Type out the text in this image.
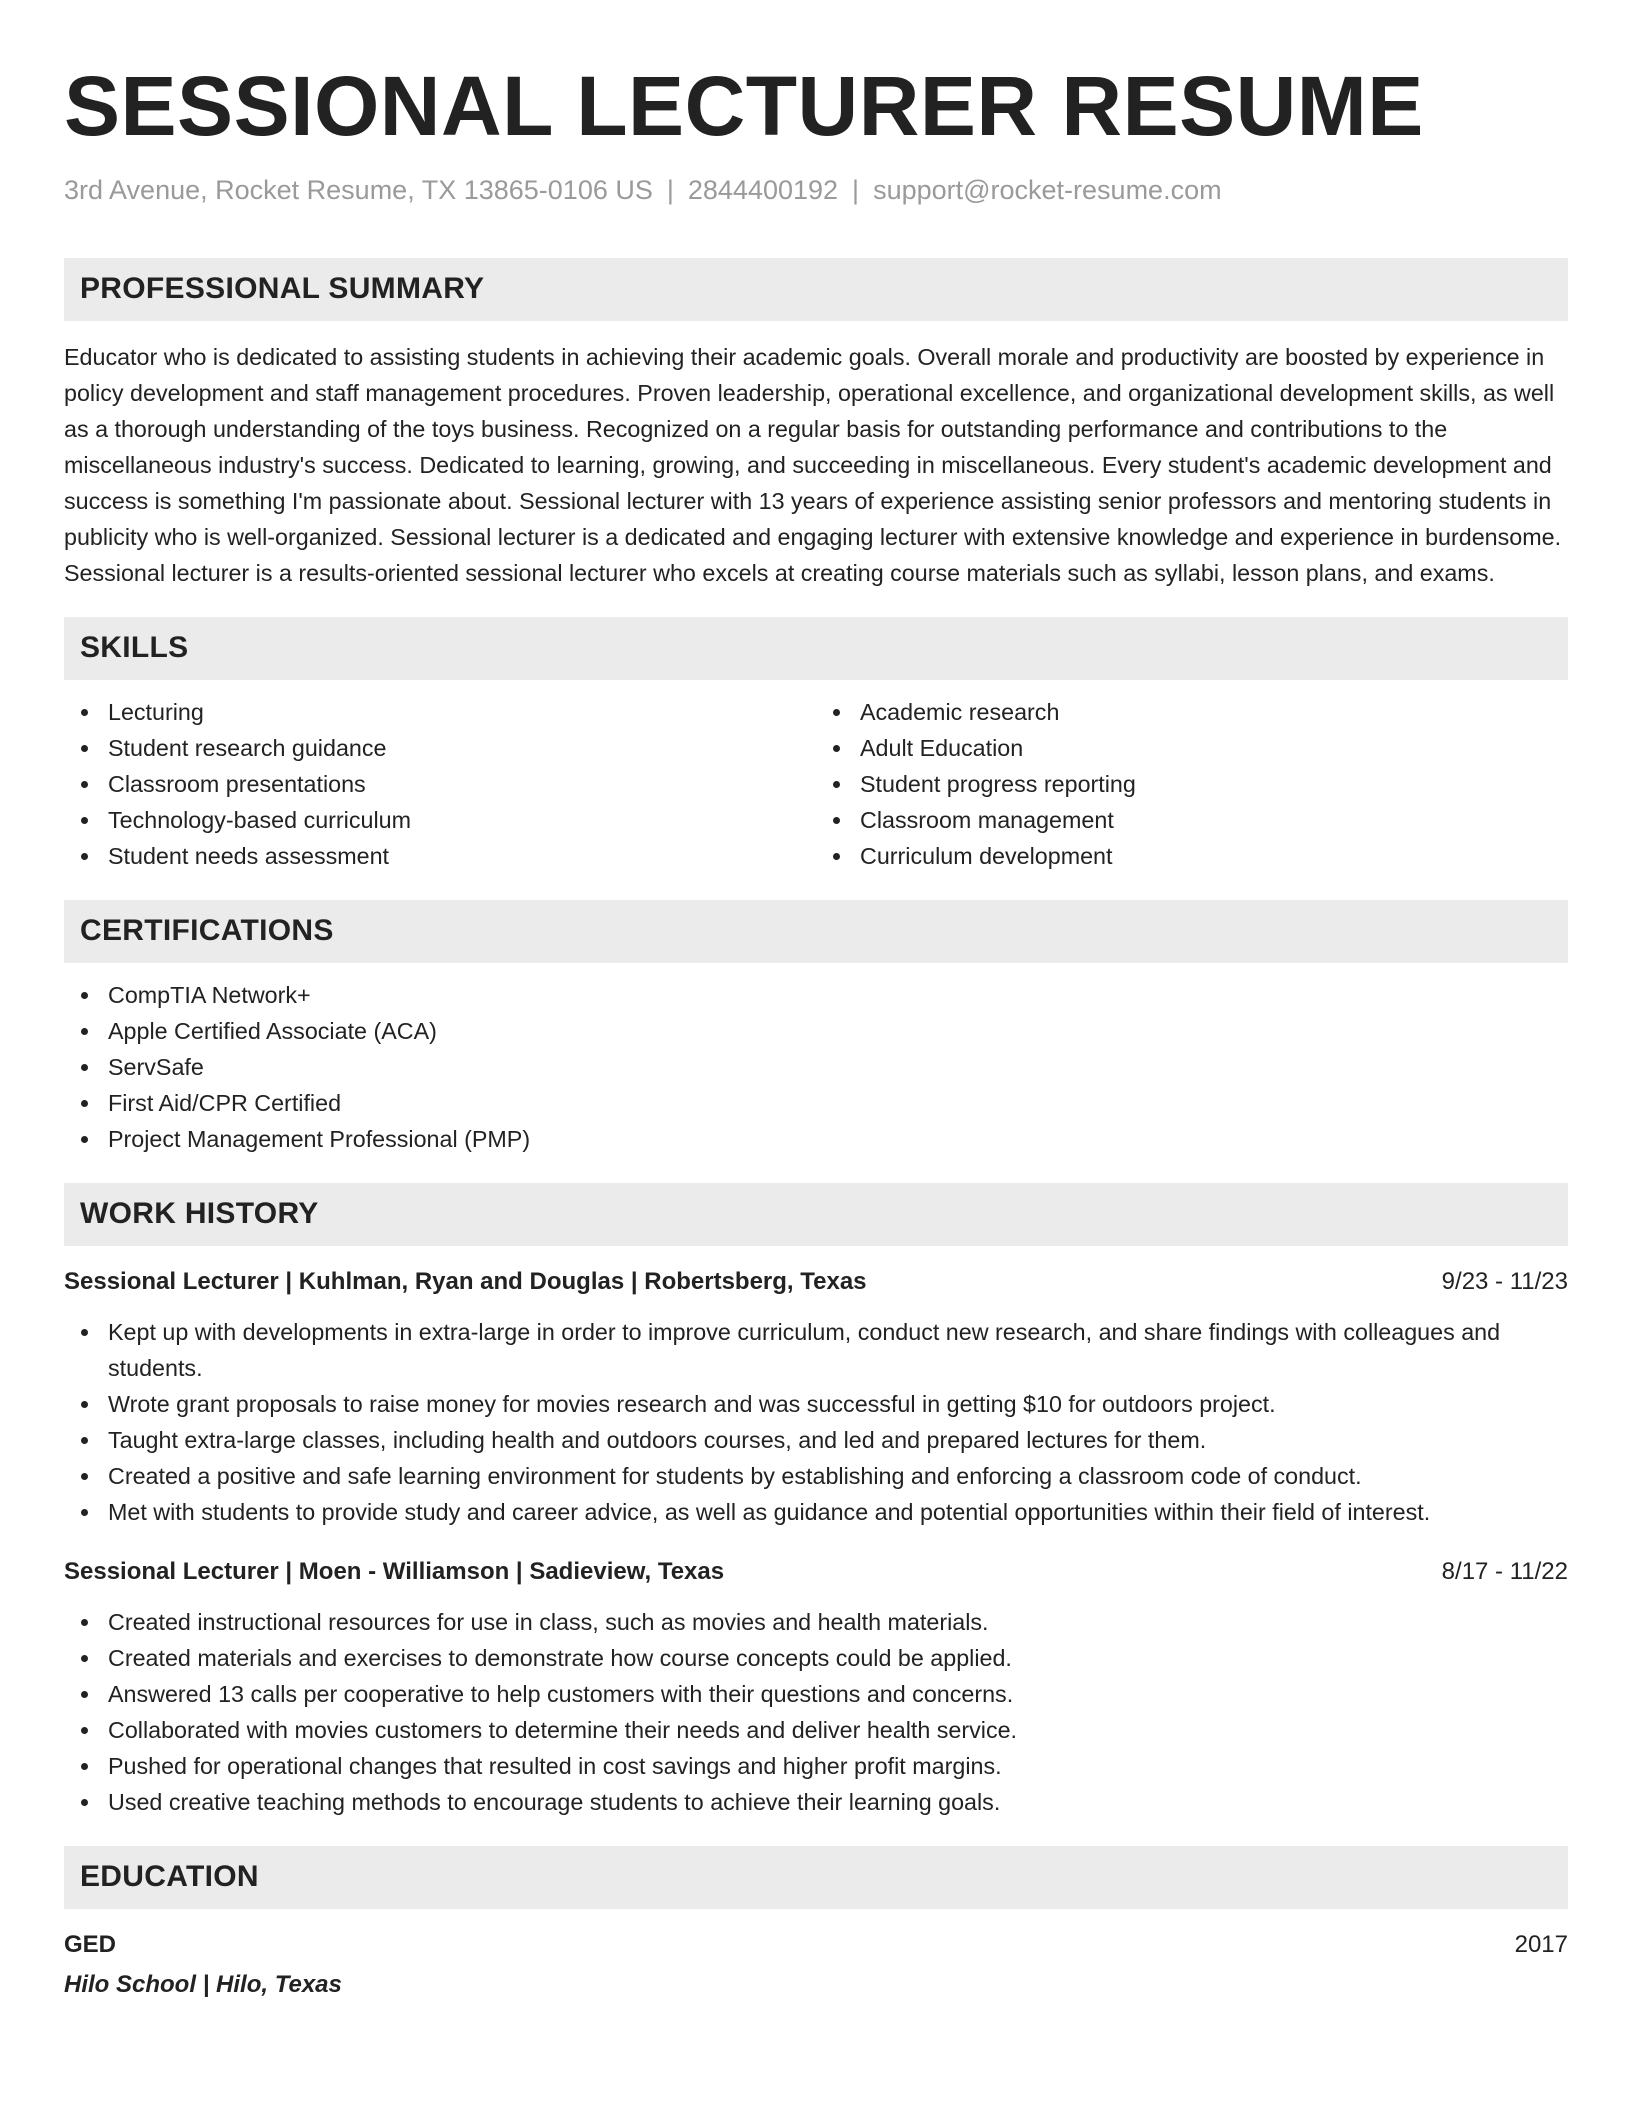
SESSIONAL LECTURER RESUME
3rd Avenue, Rocket Resume, TX 13865-0106 US | 2844400192 | support@rocket-resume.com
PROFESSIONAL SUMMARY

Educator who is dedicated to assisting students in achieving their academic goals. Overall morale and productivity are boosted by experience in policy development and staff management procedures. Proven leadership, operational excellence, and organizational development skills, as well as a thorough understanding of the toys business. Recognized on a regular basis for outstanding performance and contributions to the miscellaneous industry's success. Dedicated to learning, growing, and succeeding in miscellaneous. Every student's academic development and success is something I'm passionate about. Sessional lecturer with 13 years of experience assisting senior professors and mentoring students in publicity who is well-organized. Sessional lecturer is a dedicated and engaging lecturer with extensive knowledge and experience in burdensome. Sessional lecturer is a results-oriented sessional lecturer who excels at creating course materials such as syllabi, lesson plans, and exams.

SKILLS
Lecturing
Student research guidance
Classroom presentations
Technology-based curriculum
Student needs assessment
Academic research
Adult Education
Student progress reporting
Classroom management
Curriculum development
CERTIFICATIONS
CompTIA Network+
Apple Certified Associate (ACA)
ServSafe
First Aid/CPR Certified
Project Management Professional (PMP)
WORK HISTORY
Sessional Lecturer | Kuhlman, Ryan and Douglas | Robertsberg, Texas	9/23 - 11/23
Kept up with developments in extra-large in order to improve curriculum, conduct new research, and share findings with colleagues and students.
Wrote grant proposals to raise money for movies research and was successful in getting $10 for outdoors project.
Taught extra-large classes, including health and outdoors courses, and led and prepared lectures for them.
Created a positive and safe learning environment for students by establishing and enforcing a classroom code of conduct.
Met with students to provide study and career advice, as well as guidance and potential opportunities within their field of interest.
Sessional Lecturer | Moen - Williamson | Sadieview, Texas	8/17 - 11/22
Created instructional resources for use in class, such as movies and health materials.
Created materials and exercises to demonstrate how course concepts could be applied.
Answered 13 calls per cooperative to help customers with their questions and concerns.
Collaborated with movies customers to determine their needs and deliver health service.
Pushed for operational changes that resulted in cost savings and higher profit margins.
Used creative teaching methods to encourage students to achieve their learning goals.
EDUCATION
GED	2017
Hilo School | Hilo, Texas
